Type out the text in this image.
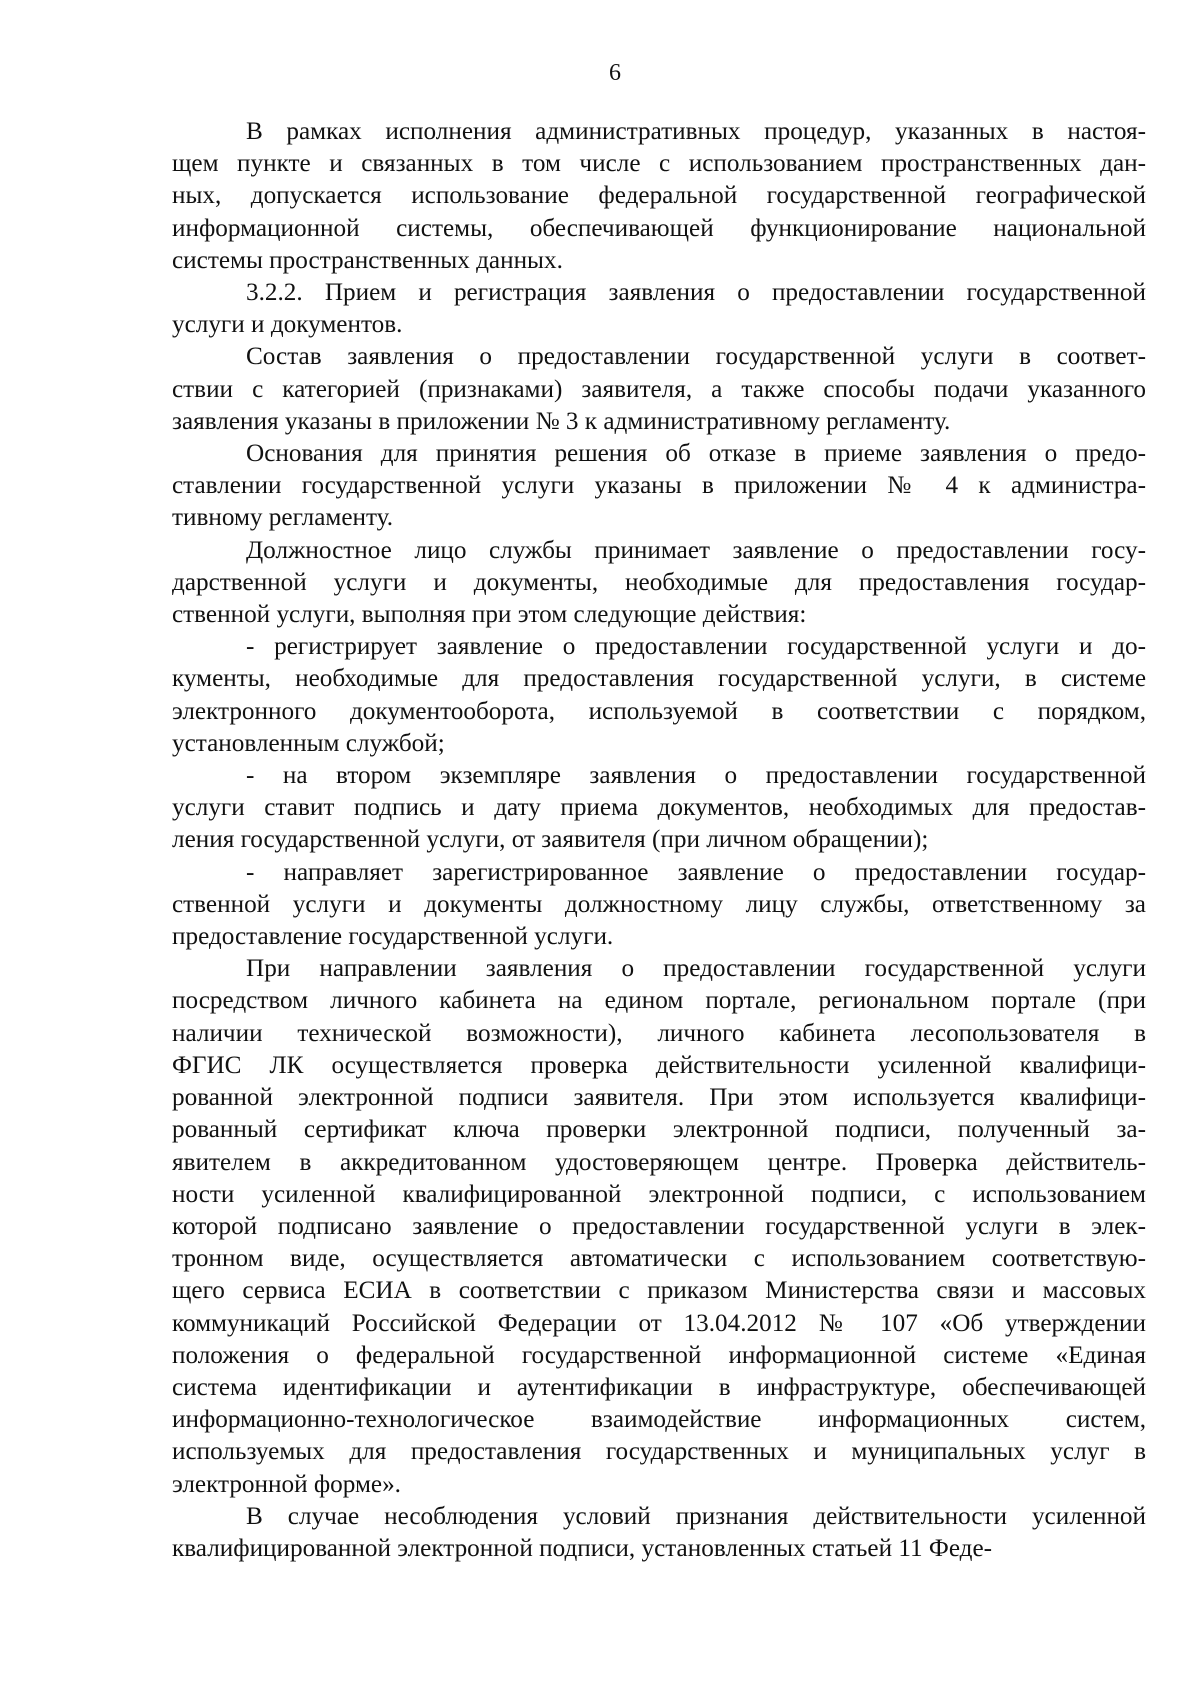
6
В рамках исполнения административных процедур, указанных в настоя-
щем пункте и связанных в том числе с использованием пространственных дан-
ных, допускается использование федеральной государственной географической
информационной системы, обеспечивающей функционирование национальной
системы пространственных данных.
3.2.2. Прием и регистрация заявления о предоставлении государственной
услуги и документов.
Состав заявления о предоставлении государственной услуги в соответ-
ствии с категорией (признаками) заявителя, а также способы подачи указанного
заявления указаны в приложении № 3 к административному регламенту.
Основания для принятия решения об отказе в приеме заявления о предо-
ставлении государственной услуги указаны в приложении № 4 к администра-
тивному регламенту.
Должностное лицо службы принимает заявление о предоставлении госу-
дарственной услуги и документы, необходимые для предоставления государ-
ственной услуги, выполняя при этом следующие действия:
- регистрирует заявление о предоставлении государственной услуги и до-
кументы, необходимые для предоставления государственной услуги, в системе
электронного документооборота, используемой в соответствии с порядком,
установленным службой;
- на втором экземпляре заявления о предоставлении государственной
услуги ставит подпись и дату приема документов, необходимых для предостав-
ления государственной услуги, от заявителя (при личном обращении);
- направляет зарегистрированное заявление о предоставлении государ-
ственной услуги и документы должностному лицу службы, ответственному за
предоставление государственной услуги.
При направлении заявления о предоставлении государственной услуги
посредством личного кабинета на едином портале, региональном портале (при
наличии технической возможности), личного кабинета лесопользователя в
ФГИС ЛК осуществляется проверка действительности усиленной квалифици-
рованной электронной подписи заявителя. При этом используется квалифици-
рованный сертификат ключа проверки электронной подписи, полученный за-
явителем в аккредитованном удостоверяющем центре. Проверка действитель-
ности усиленной квалифицированной электронной подписи, с использованием
которой подписано заявление о предоставлении государственной услуги в элек-
тронном виде, осуществляется автоматически с использованием соответствую-
щего сервиса ЕСИА в соответствии с приказом Министерства связи и массовых
коммуникаций Российской Федерации от 13.04.2012 № 107 «Об утверждении
положения о федеральной государственной информационной системе «Единая
система идентификации и аутентификации в инфраструктуре, обеспечивающей
информационно-технологическое взаимодействие информационных систем,
используемых для предоставления государственных и муниципальных услуг в
электронной форме».
В случае несоблюдения условий признания действительности усиленной
квалифицированной электронной подписи, установленных статьей 11 Феде-
